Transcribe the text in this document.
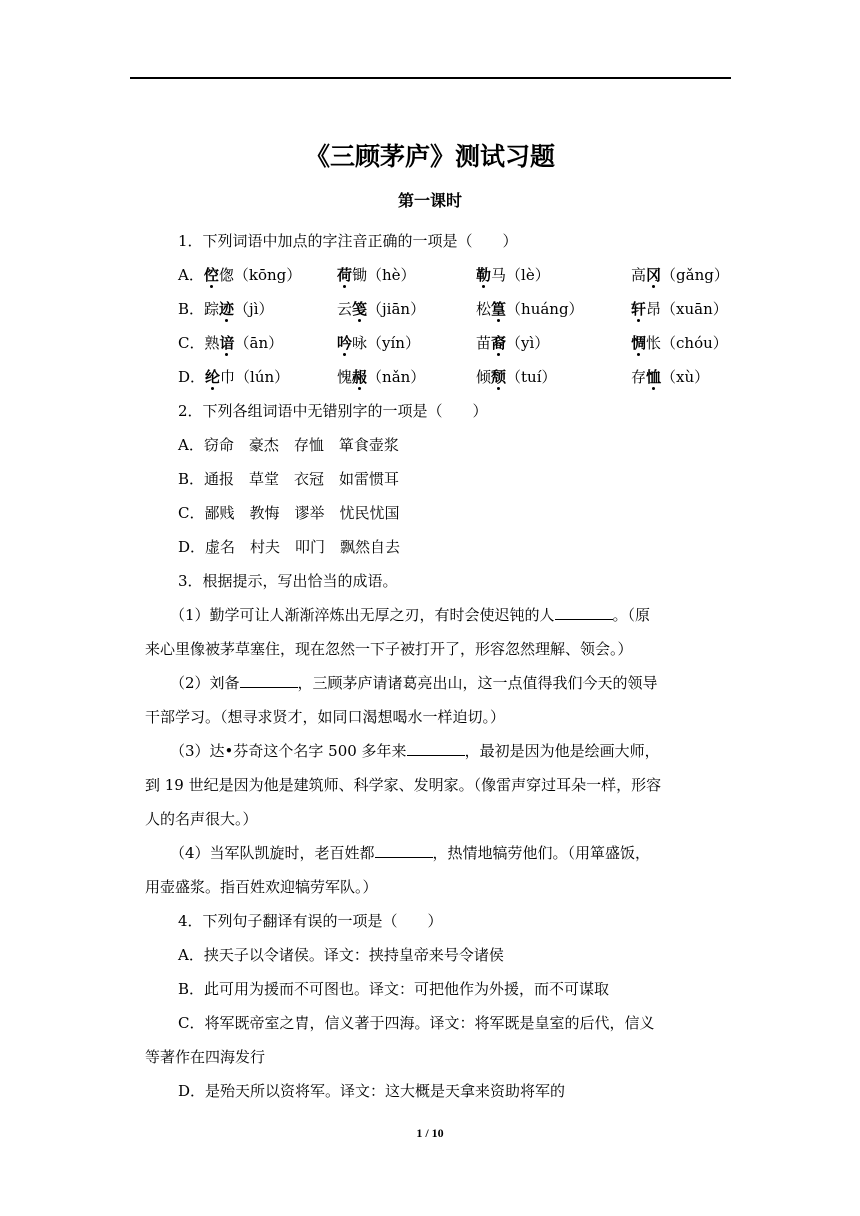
《三顾茅庐》测试习题
第一课时
1．下列词语中加点的字注音正确的一项是（　　）
A．倥偬（kōng） 荷锄（hè）	勒马（lè）	高冈（gǎng）
B．踪迹（jì）	云笺（jiān）	松篁（huáng）	轩昂（xuān）
C．熟谙（ān）	吟咏（yín）	苗裔（yì）	惆怅（chóu）
D．纶巾（lún）	愧赧（nǎn）	倾颓（tuí）	存恤（xù）
2．下列各组词语中无错别字的一项是（　　）
A．窃命　豪杰　存恤　箪食壶浆
B．通报　草堂　衣冠　如雷惯耳
C．鄙贱　教悔　谬举　忧民忧国
D．虚名　村夫　叩门　飘然自去
3．根据提示，写出恰当的成语。
（1）勤学可让人渐渐淬炼出无厚之刃，有时会使迟钝的人	。（原
来心里像被茅草塞住，现在忽然一下子被打开了，形容忽然理解、领会。）
（2）刘备	，三顾茅庐请诸葛亮出山，这一点值得我们今天的领导
干部学习。（想寻求贤才，如同口渴想喝水一样迫切。）
（3）达•芬奇这个名字 500 多年来	，最初是因为他是绘画大师，
到 19 世纪是因为他是建筑师、科学家、发明家。（像雷声穿过耳朵一样，形容
人的名声很大。）
（4）当军队凯旋时，老百姓都	，热情地犒劳他们。（用箪盛饭，
用壶盛浆。指百姓欢迎犒劳军队。）
4．下列句子翻译有误的一项是（　　）
A．挟天子以令诸侯。译文：挟持皇帝来号令诸侯
B．此可用为援而不可图也。译文：可把他作为外援，而不可谋取
C．将军既帝室之胄，信义著于四海。译文：将军既是皇室的后代，信义
等著作在四海发行
D．是殆天所以资将军。译文：这大概是天拿来资助将军的
1 / 10
